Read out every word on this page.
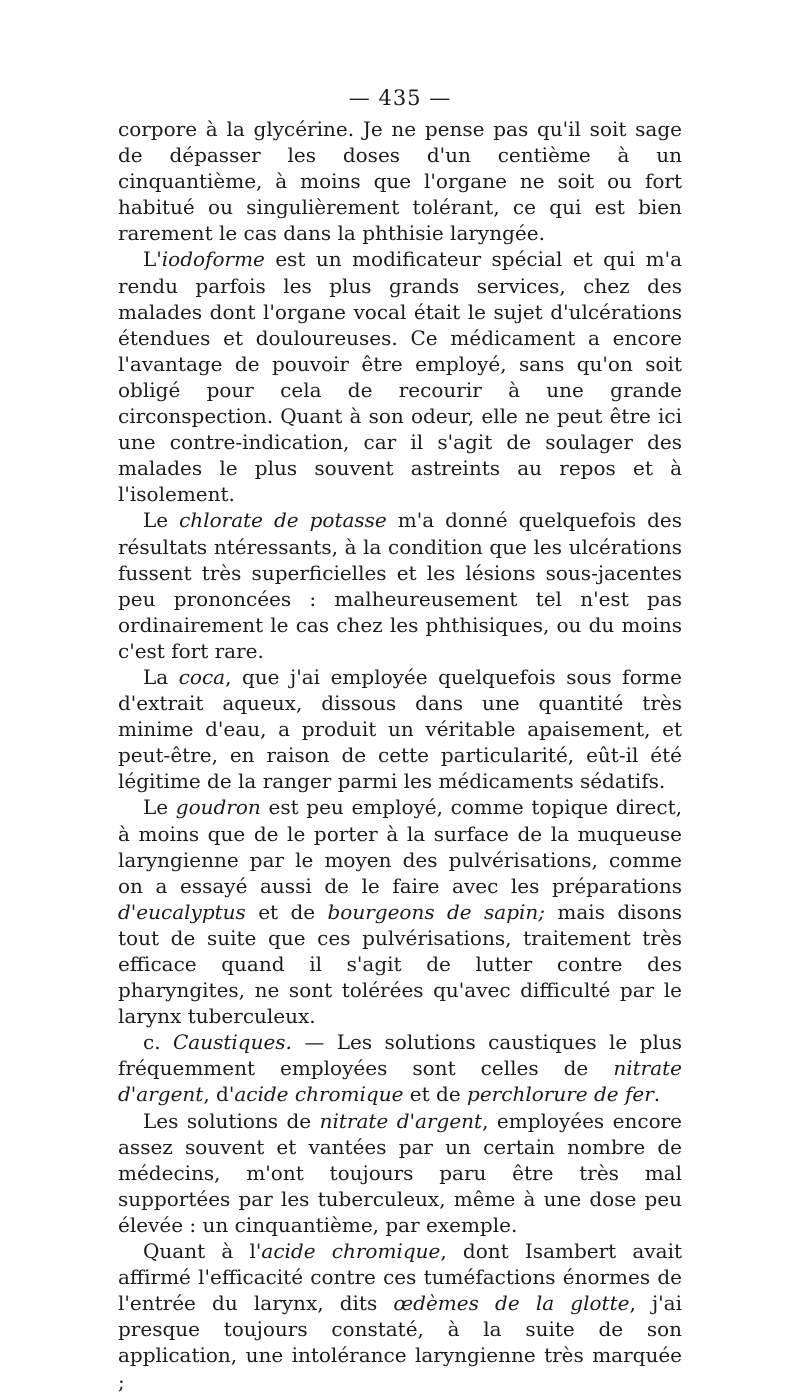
— 435 —

corpore à la glycérine. Je ne pense pas qu'il soit sage de dépasser les doses d'un centième à un cinquantième, à moins que l'organe ne soit ou fort habitué ou singulièrement tolérant, ce qui est bien rarement le cas dans la phthisie laryngée.

L'iodoforme est un modificateur spécial et qui m'a rendu parfois les plus grands services, chez des malades dont l'organe vocal était le sujet d'ulcérations étendues et douloureuses. Ce médicament a encore l'avantage de pouvoir être employé, sans qu'on soit obligé pour cela de recourir à une grande circonspection. Quant à son odeur, elle ne peut être ici une contre-indication, car il s'agit de soulager des malades le plus souvent astreints au repos et à l'isolement.

Le chlorate de potasse m'a donné quelquefois des résultats ntéressants, à la condition que les ulcérations fussent très superficielles et les lésions sous-jacentes peu prononcées : malheureusement tel n'est pas ordinairement le cas chez les phthisiques, ou du moins c'est fort rare.

La coca, que j'ai employée quelquefois sous forme d'extrait aqueux, dissous dans une quantité très minime d'eau, a produit un véritable apaisement, et peut-être, en raison de cette particularité, eût-il été légitime de la ranger parmi les médicaments sédatifs.

Le goudron est peu employé, comme topique direct, à moins que de le porter à la surface de la muqueuse laryngienne par le moyen des pulvérisations, comme on a essayé aussi de le faire avec les préparations d'eucalyptus et de bourgeons de sapin; mais disons tout de suite que ces pulvérisations, traitement très efficace quand il s'agit de lutter contre des pharyngites, ne sont tolérées qu'avec difficulté par le larynx tuberculeux.

c. Caustiques. — Les solutions caustiques le plus fréquemment employées sont celles de nitrate d'argent, d'acide chromique et de perchlorure de fer.

Les solutions de nitrate d'argent, employées encore assez souvent et vantées par un certain nombre de médecins, m'ont toujours paru être très mal supportées par les tuberculeux, même à une dose peu élevée : un cinquantième, par exemple.

Quant à l'acide chromique, dont Isambert avait affirmé l'efficacité contre ces tuméfactions énormes de l'entrée du larynx, dits œdèmes de la glotte, j'ai presque toujours constaté, à la suite de son application, une intolérance laryngienne très marquée ;
